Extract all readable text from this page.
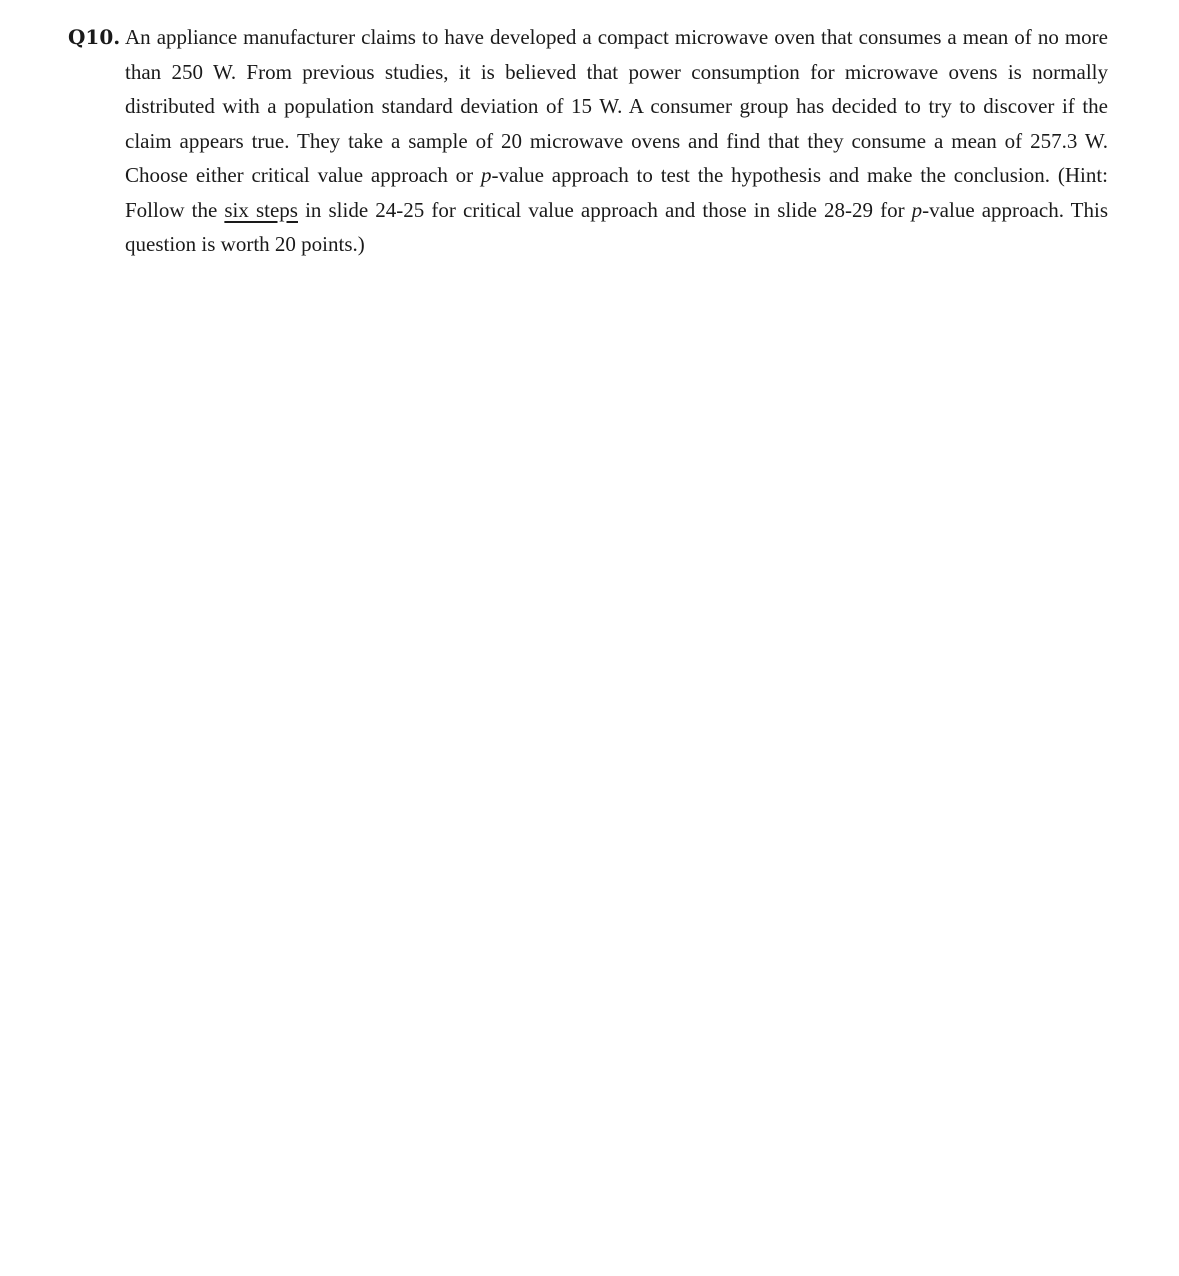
Q10. An appliance manufacturer claims to have developed a compact microwave oven that consumes a mean of no more than 250 W. From previous studies, it is believed that power consumption for microwave ovens is normally distributed with a population standard deviation of 15 W. A consumer group has decided to try to discover if the claim appears true. They take a sample of 20 microwave ovens and find that they consume a mean of 257.3 W. Choose either critical value approach or p-value approach to test the hypothesis and make the conclusion. (Hint: Follow the six steps in slide 24-25 for critical value approach and those in slide 28-29 for p-value approach. This question is worth 20 points.)
